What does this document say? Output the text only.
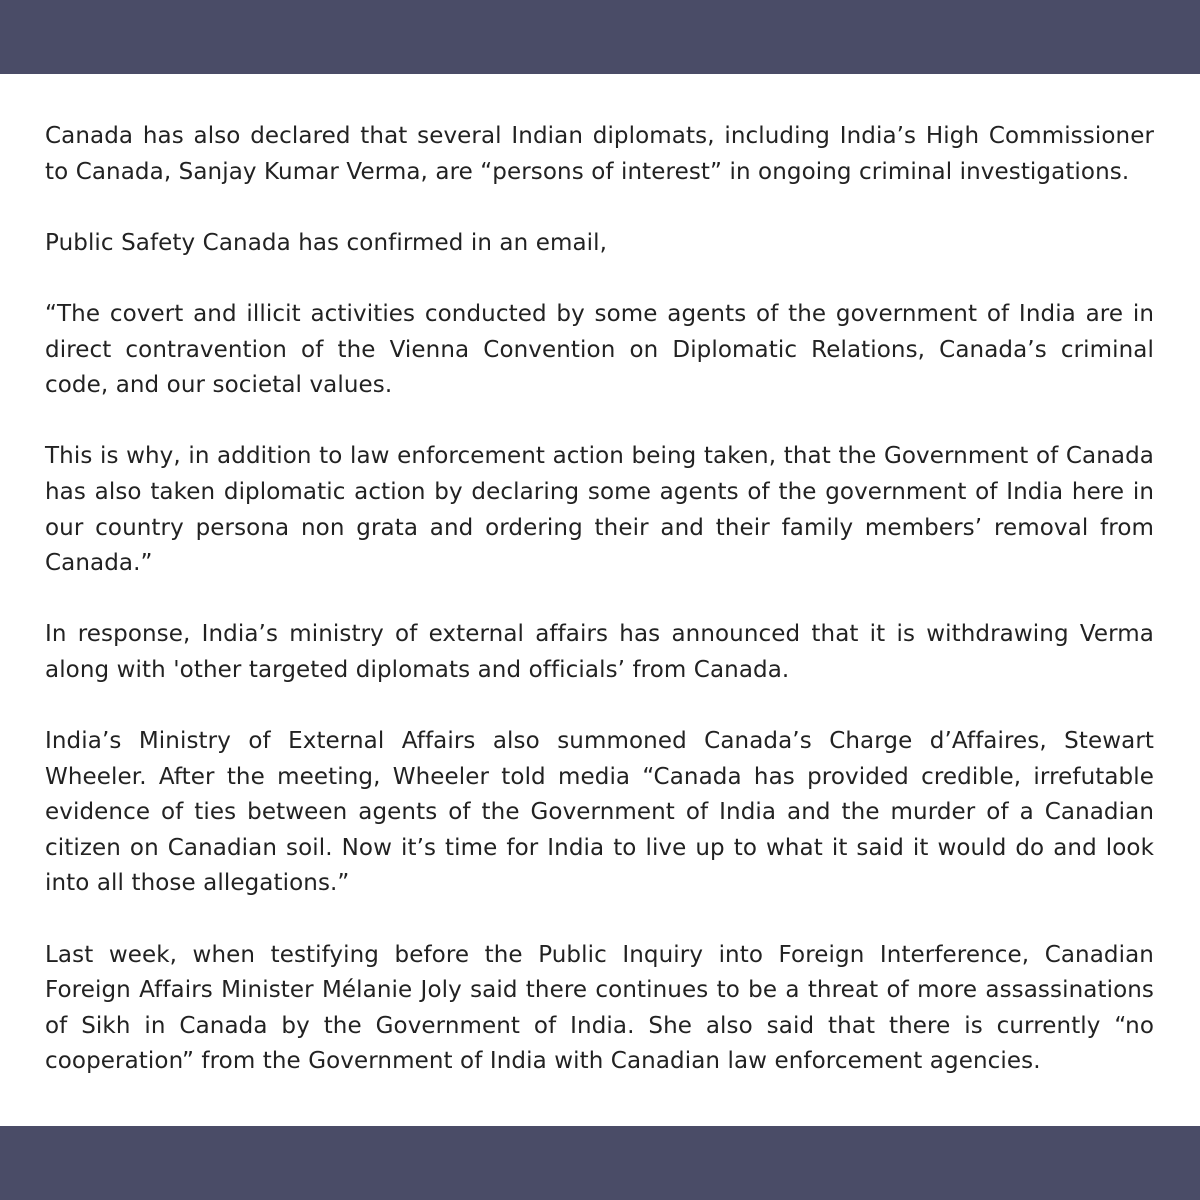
Canada has also declared that several Indian diplomats, including India’s High Commissioner to Canada, Sanjay Kumar Verma, are “persons of interest” in ongoing criminal investigations.

Public Safety Canada has confirmed in an email,

“The covert and illicit activities conducted by some agents of the government of India are in direct contravention of the Vienna Convention on Diplomatic Relations, Canada’s criminal code, and our societal values.

This is why, in addition to law enforcement action being taken, that the Government of Canada has also taken diplomatic action by declaring some agents of the government of India here in our country persona non grata and ordering their and their family members’ removal from Canada.”

In response, India’s ministry of external affairs has announced that it is withdrawing Verma along with 'other targeted diplomats and officials’ from Canada.

India’s Ministry of External Affairs also summoned Canada’s Charge d’Affaires, Stewart Wheeler. After the meeting, Wheeler told media “Canada has provided credible, irrefutable evidence of ties between agents of the Government of India and the murder of a Canadian citizen on Canadian soil. Now it’s time for India to live up to what it said it would do and look into all those allegations.”

Last week, when testifying before the Public Inquiry into Foreign Interference, Canadian Foreign Affairs Minister Mélanie Joly said there continues to be a threat of more assassinations of Sikh in Canada by the Government of India. She also said that there is currently “no cooperation” from the Government of India with Canadian law enforcement agencies.
